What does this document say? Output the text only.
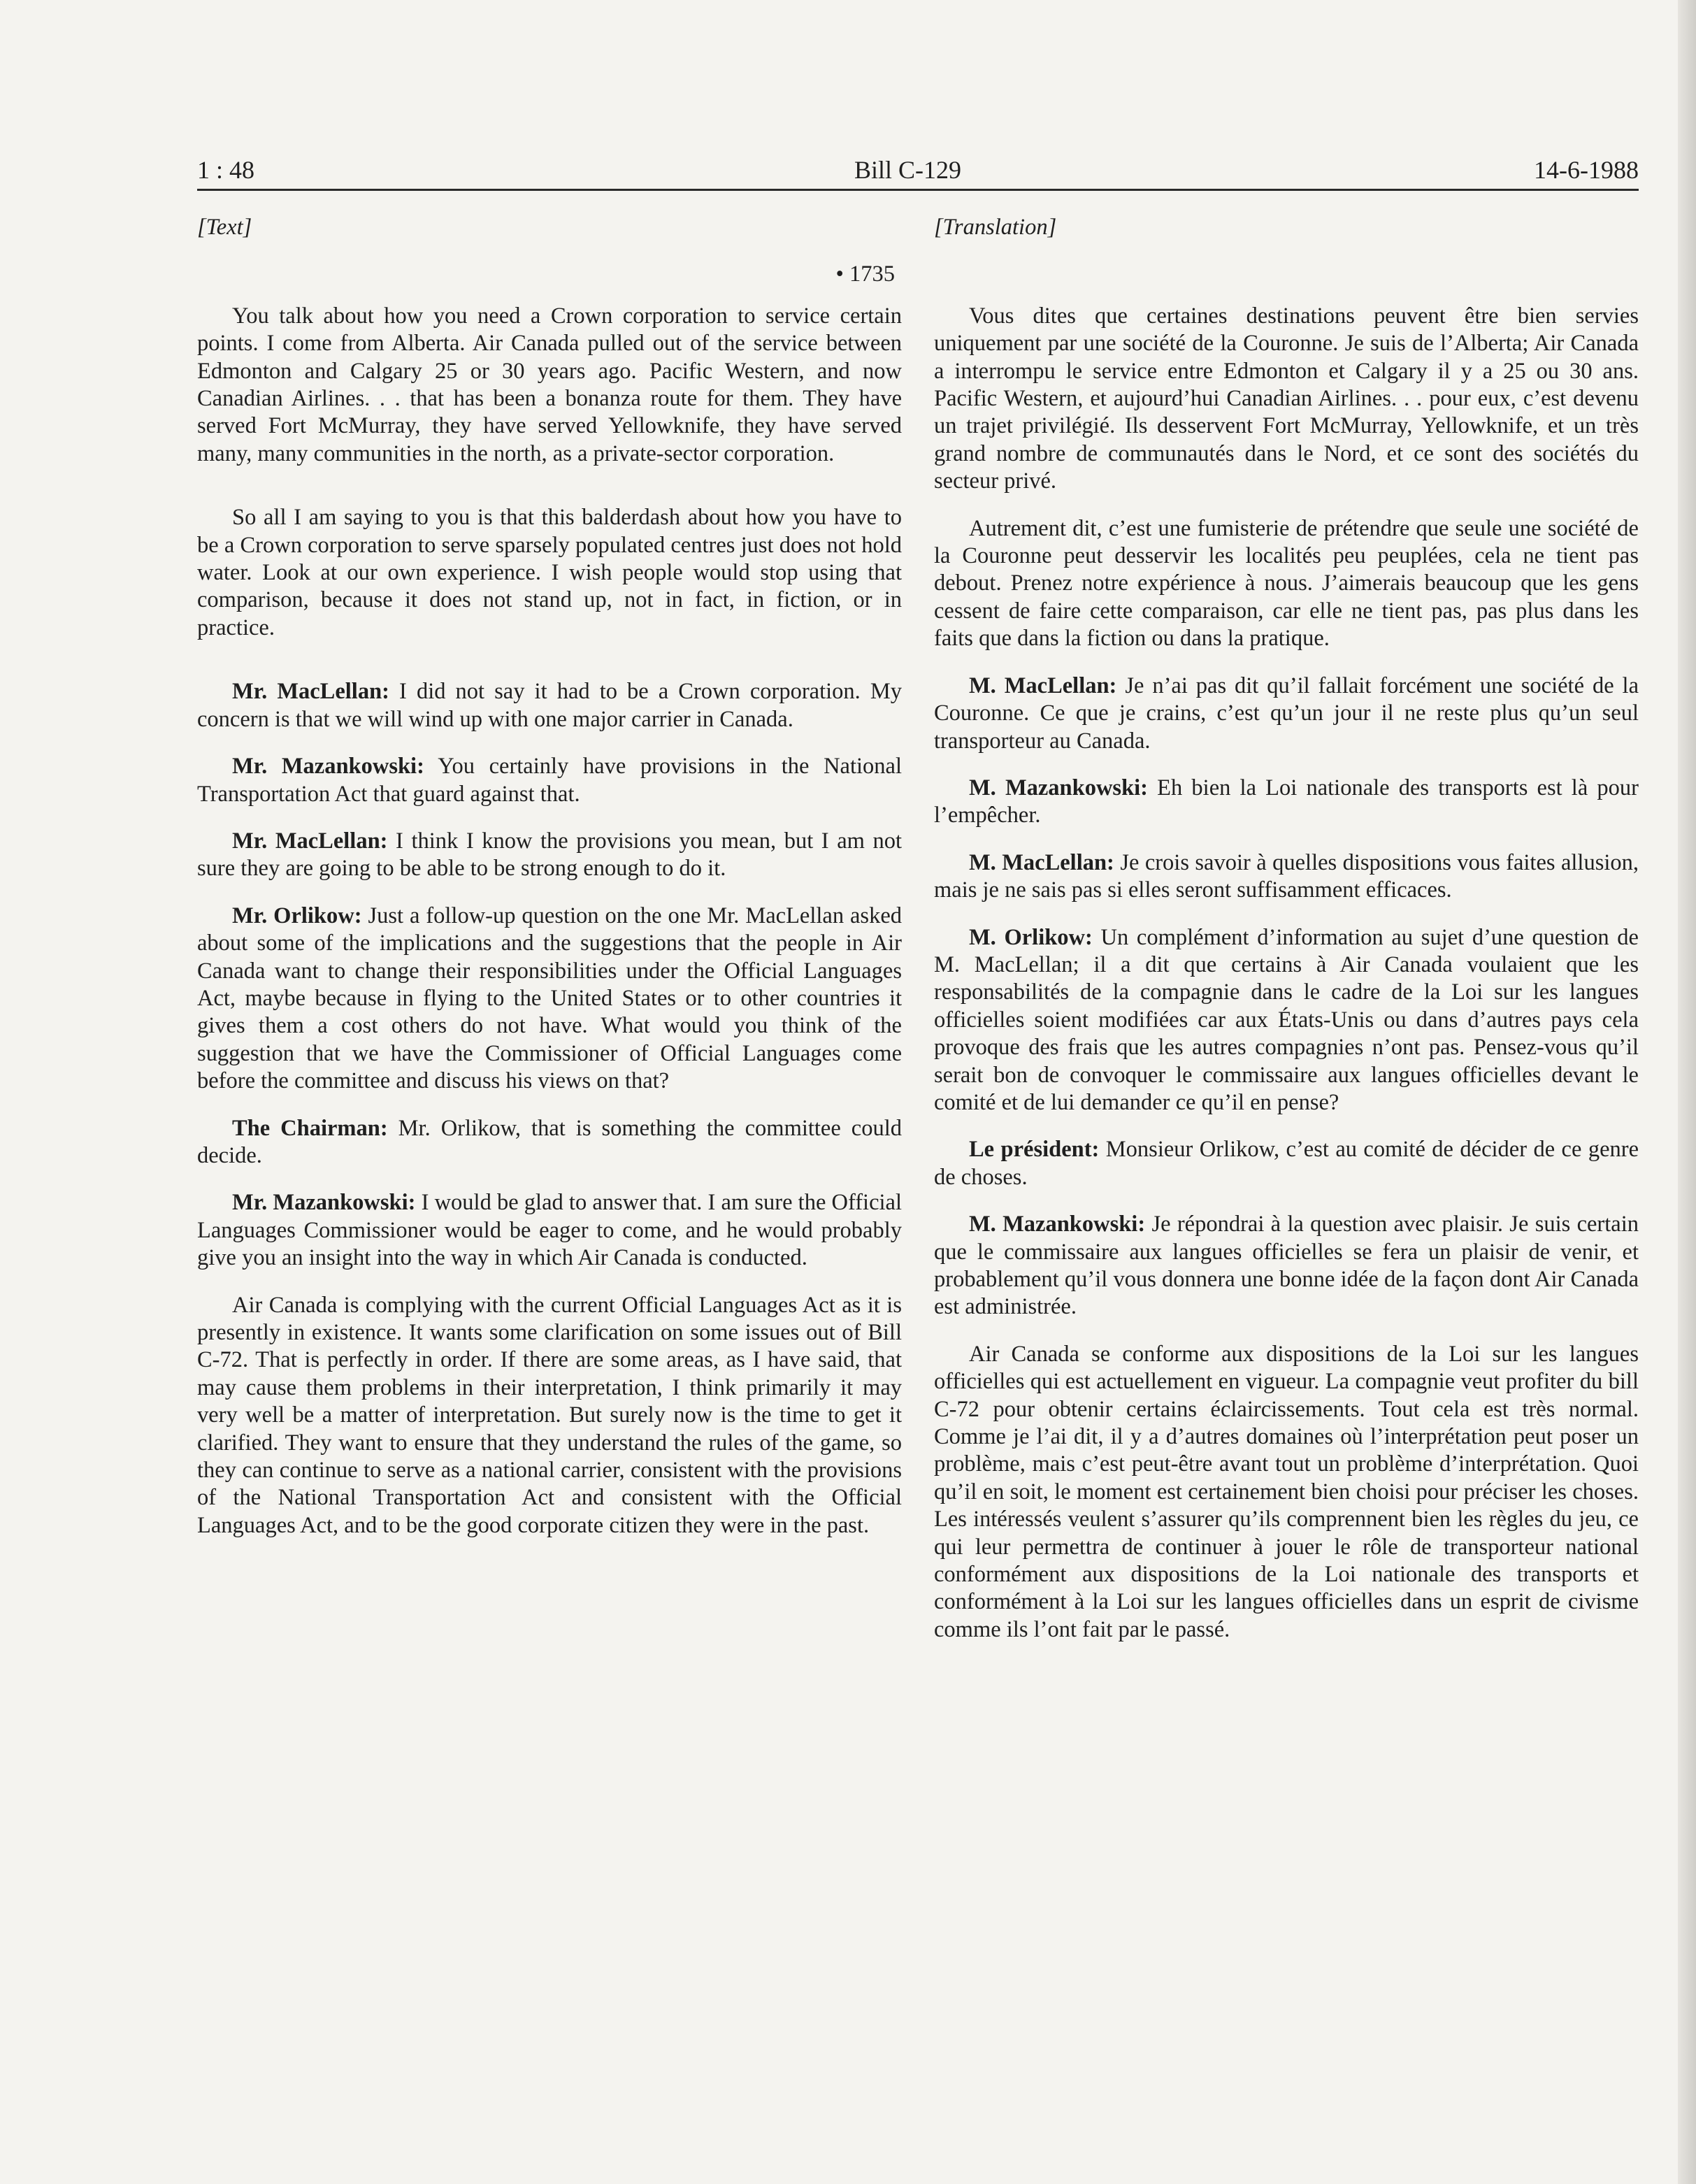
1 : 48	Bill C-129	14-6-1988
[Text]
• 1735

You talk about how you need a Crown corporation to service certain points. I come from Alberta. Air Canada pulled out of the service between Edmonton and Calgary 25 or 30 years ago. Pacific Western, and now Canadian Airlines. . . that has been a bonanza route for them. They have served Fort McMurray, they have served Yellowknife, they have served many, many communities in the north, as a private-sector corporation.

So all I am saying to you is that this balderdash about how you have to be a Crown corporation to serve sparsely populated centres just does not hold water. Look at our own experience. I wish people would stop using that comparison, because it does not stand up, not in fact, in fiction, or in practice.

Mr. MacLellan: I did not say it had to be a Crown corporation. My concern is that we will wind up with one major carrier in Canada.

Mr. Mazankowski: You certainly have provisions in the National Transportation Act that guard against that.

Mr. MacLellan: I think I know the provisions you mean, but I am not sure they are going to be able to be strong enough to do it.

Mr. Orlikow: Just a follow-up question on the one Mr. MacLellan asked about some of the implications and the suggestions that the people in Air Canada want to change their responsibilities under the Official Languages Act, maybe because in flying to the United States or to other countries it gives them a cost others do not have. What would you think of the suggestion that we have the Commissioner of Official Languages come before the committee and discuss his views on that?

The Chairman: Mr. Orlikow, that is something the committee could decide.

Mr. Mazankowski: I would be glad to answer that. I am sure the Official Languages Commissioner would be eager to come, and he would probably give you an insight into the way in which Air Canada is conducted.

Air Canada is complying with the current Official Languages Act as it is presently in existence. It wants some clarification on some issues out of Bill C-72. That is perfectly in order. If there are some areas, as I have said, that may cause them problems in their interpretation, I think primarily it may very well be a matter of interpretation. But surely now is the time to get it clarified. They want to ensure that they understand the rules of the game, so they can continue to serve as a national carrier, consistent with the provisions of the National Transportation Act and consistent with the Official Languages Act, and to be the good corporate citizen they were in the past.

[Translation]

Vous dites que certaines destinations peuvent être bien servies uniquement par une société de la Couronne. Je suis de l’Alberta; Air Canada a interrompu le service entre Edmonton et Calgary il y a 25 ou 30 ans. Pacific Western, et aujourd’hui Canadian Airlines. . . pour eux, c’est devenu un trajet privilégié. Ils desservent Fort McMurray, Yellowknife, et un très grand nombre de communautés dans le Nord, et ce sont des sociétés du secteur privé.

Autrement dit, c’est une fumisterie de prétendre que seule une société de la Couronne peut desservir les localités peu peuplées, cela ne tient pas debout. Prenez notre expérience à nous. J’aimerais beaucoup que les gens cessent de faire cette comparaison, car elle ne tient pas, pas plus dans les faits que dans la fiction ou dans la pratique.

M. MacLellan: Je n’ai pas dit qu’il fallait forcément une société de la Couronne. Ce que je crains, c’est qu’un jour il ne reste plus qu’un seul transporteur au Canada.

M. Mazankowski: Eh bien la Loi nationale des transports est là pour l’empêcher.

M. MacLellan: Je crois savoir à quelles dispositions vous faites allusion, mais je ne sais pas si elles seront suffisamment efficaces.

M. Orlikow: Un complément d’information au sujet d’une question de M. MacLellan; il a dit que certains à Air Canada voulaient que les responsabilités de la compagnie dans le cadre de la Loi sur les langues officielles soient modifiées car aux États-Unis ou dans d’autres pays cela provoque des frais que les autres compagnies n’ont pas. Pensez-vous qu’il serait bon de convoquer le commissaire aux langues officielles devant le comité et de lui demander ce qu’il en pense?

Le président: Monsieur Orlikow, c’est au comité de décider de ce genre de choses.

M. Mazankowski: Je répondrai à la question avec plaisir. Je suis certain que le commissaire aux langues officielles se fera un plaisir de venir, et probablement qu’il vous donnera une bonne idée de la façon dont Air Canada est administrée.

Air Canada se conforme aux dispositions de la Loi sur les langues officielles qui est actuellement en vigueur. La compagnie veut profiter du bill C-72 pour obtenir certains éclaircissements. Tout cela est très normal. Comme je l’ai dit, il y a d’autres domaines où l’interprétation peut poser un problème, mais c’est peut-être avant tout un problème d’interprétation. Quoi qu’il en soit, le moment est certainement bien choisi pour préciser les choses. Les intéressés veulent s’assurer qu’ils comprennent bien les règles du jeu, ce qui leur permettra de continuer à jouer le rôle de transporteur national conformément aux dispositions de la Loi nationale des transports et conformément à la Loi sur les langues officielles dans un esprit de civisme comme ils l’ont fait par le passé.
